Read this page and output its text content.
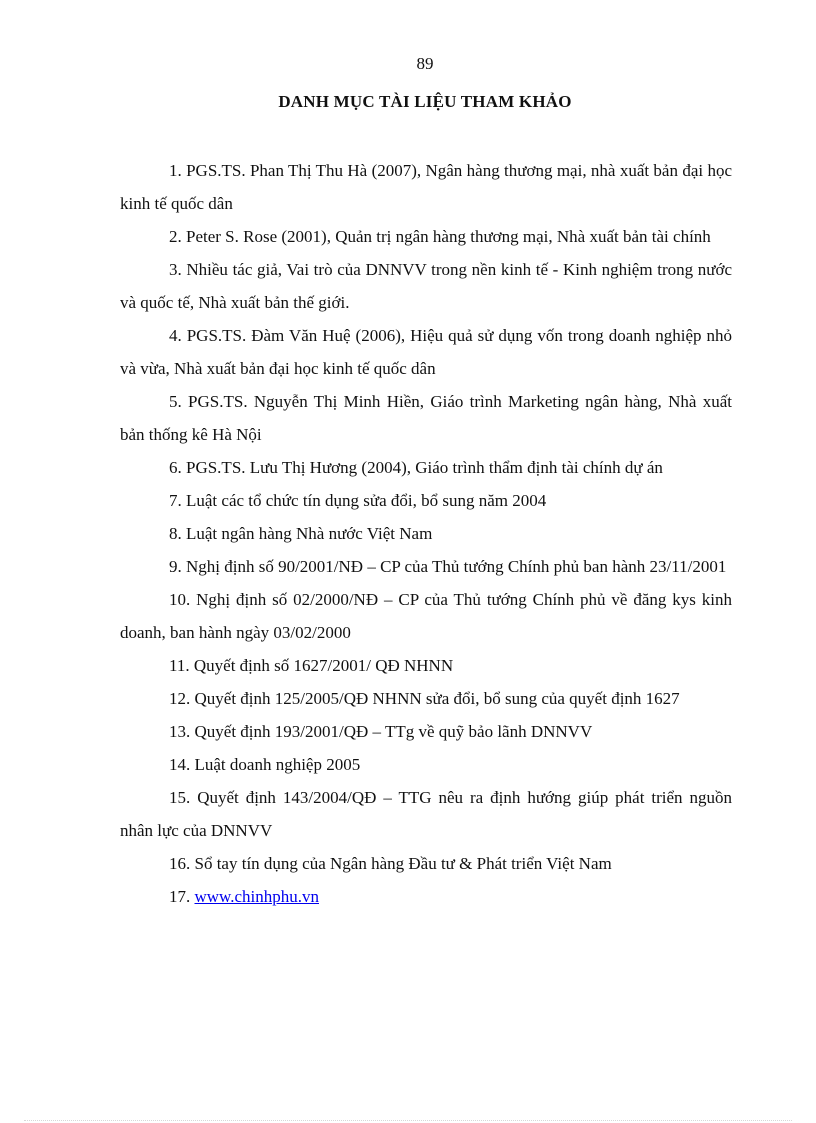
89
DANH MỤC TÀI LIỆU THAM KHẢO
1. PGS.TS. Phan Thị Thu Hà (2007), Ngân hàng thương mại, nhà xuất bản đại học kinh tế quốc dân
2. Peter S. Rose (2001), Quản trị ngân hàng thương mại, Nhà xuất bản tài chính
3. Nhiều tác giả, Vai trò của DNNVV trong nền kinh tế - Kinh nghiệm trong nước và quốc tế, Nhà xuất bản thế giới.
4. PGS.TS. Đàm Văn Huệ (2006), Hiệu quả sử dụng vốn trong doanh nghiệp nhỏ và vừa, Nhà xuất bản đại học kinh tế quốc dân
5. PGS.TS. Nguyễn Thị Minh Hiền, Giáo trình Marketing ngân hàng, Nhà xuất bản thống kê Hà Nội
6. PGS.TS. Lưu Thị Hương (2004), Giáo trình thẩm định tài chính dự án
7. Luật các tổ chức tín dụng sửa đổi, bổ sung năm 2004
8. Luật ngân hàng Nhà nước Việt Nam
9. Nghị định số 90/2001/NĐ – CP của Thủ tướng Chính phủ ban hành 23/11/2001
10. Nghị định số 02/2000/NĐ – CP của Thủ tướng Chính phủ về đăng kys kinh doanh, ban hành ngày 03/02/2000
11. Quyết định số 1627/2001/ QĐ NHNN
12. Quyết định 125/2005/QĐ NHNN sửa đổi, bổ sung của quyết định 1627
13. Quyết định 193/2001/QĐ – TTg về quỹ bảo lãnh DNNVV
14. Luật doanh nghiệp 2005
15. Quyết định 143/2004/QĐ – TTG nêu ra định hướng giúp phát triển nguồn nhân lực của DNNVV
16. Sổ tay tín dụng của Ngân hàng Đầu tư & Phát triển Việt Nam
17. www.chinhphu.vn
